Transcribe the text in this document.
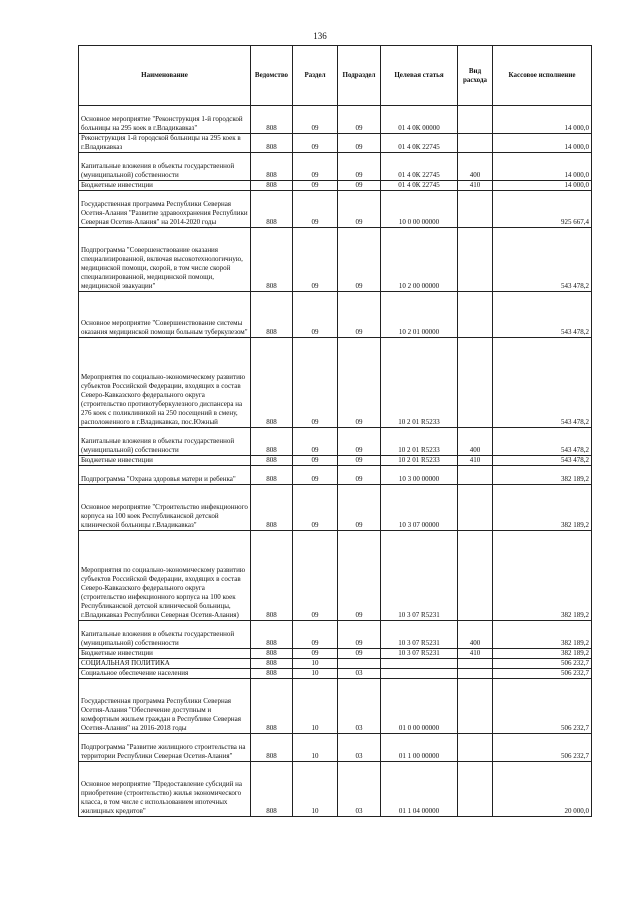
136
Наименование	Ведомство	Раздел	Подраздел	Целевая статья	Вид расхода	Кассовое исполнение
Основное мероприятие "Реконструкция 1-й городской больницы на 295 коек в г.Владикавказ"	808	09	09	01 4 0К 00000		14 000,0
Реконструкция 1-й городской больницы на 295 коек в г.Владикавказ	808	09	09	01 4 0К 22745		14 000,0
Капитальные вложения в объекты государственной (муниципальной) собственности	808	09	09	01 4 0К 22745	400	14 000,0
Бюджетные инвестиции	808	09	09	01 4 0К 22745	410	14 000,0
Государственная программа Республики Северная Осетия-Алания "Развитие здравоохранения Республики Северная Осетия-Алания" на 2014-2020 годы	808	09	09	10 0 00 00000		925 667,4
Подпрограмма "Совершенствование оказания специализированной, включая высокотехнологичную, медицинской помощи, скорой, в том числе скорой специализированной, медицинской помощи, медицинской эвакуации"	808	09	09	10 2 00 00000		543 478,2
Основное мероприятие "Совершенствование системы оказания медицинской помощи больным туберкулезом"	808	09	09	10 2 01 00000		543 478,2
Мероприятия по социально-экономическому развитию субъектов Российской Федерации, входящих в состав Северо-Кавказского федерального округа (строительство противотуберкулезного диспансера на 276 коек с поликлиникой на 250 посещений в смену, расположенного в г.Владикавказ, пос.Южный	808	09	09	10 2 01 R5233		543 478,2
Капитальные вложения в объекты государственной (муниципальной) собственности	808	09	09	10 2 01 R5233	400	543 478,2
Бюджетные инвестиции	808	09	09	10 2 01 R5233	410	543 478,2
Подпрограмма "Охрана здоровья матери и ребенка"	808	09	09	10 3 00 00000		382 189,2
Основное мероприятие "Строительство инфекционного корпуса на 100 коек Республиканской детской клинической больницы г.Владикавказ"	808	09	09	10 3 07 00000		382 189,2
Мероприятия по социально-экономическому развитию субъектов Российской Федерации, входящих в состав Северо-Кавказского федерального округа (строительство инфекционного корпуса на 100 коек Республиканской детской клинической больницы, г.Владикавказ Республики Северная Осетия-Алания)	808	09	09	10 3 07 R5231		382 189,2
Капитальные вложения в объекты государственной (муниципальной) собственности	808	09	09	10 3 07 R5231	400	382 189,2
Бюджетные инвестиции	808	09	09	10 3 07 R5231	410	382 189,2
СОЦИАЛЬНАЯ ПОЛИТИКА	808	10				506 232,7
Социальное обеспечение населения	808	10	03			506 232,7
Государственная программа Республики Северная Осетия-Алания "Обеспечение доступным и комфортным жильем граждан в Республике Северная Осетия-Алания" на 2016-2018 годы	808	10	03	01 0 00 00000		506 232,7
Подпрограмма "Развитие жилищного строительства на территории Республики Северная Осетия-Алания"	808	10	03	01 1 00 00000		506 232,7
Основное мероприятие "Предоставление субсидий на приобретение (строительство) жилья экономического класса, в том числе с использованием ипотечных жилищных кредитов"	808	10	03	01 1 04 00000		20 000,0
